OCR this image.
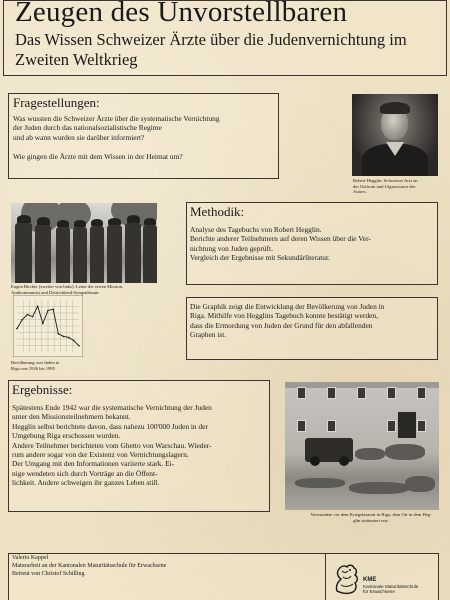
Zeugen des Unvorstellbaren
Das Wissen Schweizer Ärzte über die Judenvernichtung im Zweiten Weltkrieg
Fragestellungen:
Was wussten die Schweizer Ärzte über die systematische Vernichtung
der Juden durch das nationalsozialistische Regime
und ab wann wurden sie darüber informiert?

Wie gingen die Ärzte mit dem Wissen in der Heimat um?
Robert Hegglin: Schweizer Arzt an
der Ostfront und Urgrossvater des
Autors.
Eugen Bircher (zweiter von links): Leiter der ersten Mission,
Antikommunist und Deutschland-Sympathisant.
Methodik:
Analyse des Tagebuchs von Robert Hegglin.
Berichte anderer Teilnehmern auf deren Wissen über die Ver-
nichtung von Juden geprüft.
Vergleich der Ergebnisse mit Sekundärliteratur.
Bevölkerung von Juden in
Riga von 1926 bis 1995
Die Graphik zeigt die Entwicklung der Bevölkerung von Juden in
Riga. Mithilfe von Hegglins Tagebuch konnte bestätigt werden,
dass die Ermordung von Juden der Grund für den abfallenden
Graphen ist.
Ergebnisse:
Spätestens Ende 1942 war die systematische Vernichtung der Juden
unter den Missionsteilnehmern bekannt.
Hegglin selbst berichtete davon, dass nahezu 100'000 Juden in der
Umgebung Riga erschossen wurden.
Andere Teilnehmer berichteten vom Ghetto von Warschau. Wieder-
rum andere sogar von der Existenz von Vernichtungslagern.
Der Umgang mit den Informationen variierte stark. Ei-
nige wendeten sich durch Vorträge an die Öffent-
lichkeit. Andere schweigen ihr ganzes Leben still.
Verwundete vor dem Kriegslazarett in Riga, dem Ort in dem Heg-
glin stationiert war.
Valerio Kappel
Maturarbeit an der Kantonalen Maturitätsschule für Erwachsene
Betreut von Christof Schilling
KME
Kantonale Maturitätsschule
für Erwachsene
